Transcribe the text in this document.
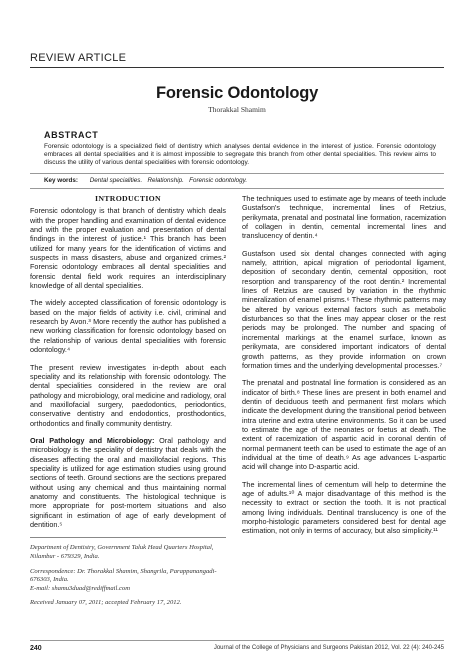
REVIEW ARTICLE
Forensic Odontology
Thorakkal Shamim
ABSTRACT
Forensic odontology is a specialized field of dentistry which analyses dental evidence in the interest of justice. Forensic odontology embraces all dental specialities and it is almost impossible to segregate this branch from other dental specialities. This review aims to discuss the utility of various dental specialities with forensic odontology.
Key words: Dental specialities.   Relationship.   Forensic odontology.
INTRODUCTION

Forensic odontology is that branch of dentistry which deals with the proper handling and examination of dental evidence and with the proper evaluation and presentation of dental findings in the interest of justice.¹ This branch has been utilized for many years for the identification of victims and suspects in mass disasters, abuse and organized crimes.² Forensic odontology embraces all dental specialities and forensic dental field work requires an interdisciplinary knowledge of all dental specialities.

The widely accepted classification of forensic odontology is based on the major fields of activity i.e. civil, criminal and research by Avon.³ More recently the author has published a new working classification for forensic odontology based on the relationship of various dental specialities with forensic odontology.⁴

The present review investigates in-depth about each speciality and its relationship with forensic odontology. The dental specialities considered in the review are oral pathology and microbiology, oral medicine and radiology, oral and maxillofacial surgery, paedodontics, periodontics, conservative dentistry and endodontics, prosthodontics, orthodontics and finally community dentistry.

Oral Pathology and Microbiology: Oral pathology and microbiology is the speciality of dentistry that deals with the diseases affecting the oral and maxillofacial regions. This speciality is utilized for age estimation studies using ground sections of teeth. Ground sections are the sections prepared without using any chemical and thus maintaining normal anatomy and constituents. The histological technique is more appropriate for post-mortem situations and also significant in estimation of age of early development of dentition.⁵

Department of Dentistry, Government Taluk Head Quarters Hospital, Nilambur - 679329, India.
Correspondence: Dr. Thorakkal Shamim, Shangrila, Parappanangadi-676303, India.
E-mail: shamu3duad@rediffmail.com
Received January 07, 2011; accepted February 17, 2012.

The techniques used to estimate age by means of teeth include Gustafson's technique, incremental lines of Retzius, perikymata, prenatal and postnatal line formation, racemization of collagen in dentin, cemental incremental lines and translucency of dentin.⁴

Gustafson used six dental changes connected with aging namely, attrition, apical migration of periodontal ligament, deposition of secondary dentin, cemental opposition, root resorption and transparency of the root dentin.² Incremental lines of Retzius are caused by variation in the rhythmic mineralization of enamel prisms.⁶ These rhythmic patterns may be altered by various external factors such as metabolic disturbances so that the lines may appear closer or the rest periods may be prolonged. The number and spacing of incremental markings at the enamel surface, known as perikymata, are considered important indicators of dental growth patterns, as they provide information on crown formation times and the underlying developmental processes.⁷

The prenatal and postnatal line formation is considered as an indicator of birth.⁸ These lines are present in both enamel and dentin of deciduous teeth and permanent first molars which indicate the development during the transitional period between intra uterine and extra uterine environments. So it can be used to estimate the age of the neonates or foetus at death. The extent of racemization of aspartic acid in coronal dentin of normal permanent teeth can be used to estimate the age of an individual at the time of death.⁹ As age advances L-aspartic acid will change into D-aspartic acid.

The incremental lines of cementum will help to determine the age of adults.¹⁰ A major disadvantage of this method is the necessity to extract or section the tooth. It is not practical among living individuals. Dentinal translucency is one of the morpho-histologic parameters considered best for dental age estimation, not only in terms of accuracy, but also simplicity.¹¹

240	Journal of the College of Physicians and Surgeons Pakistan 2012, Vol. 22 (4): 240-245
